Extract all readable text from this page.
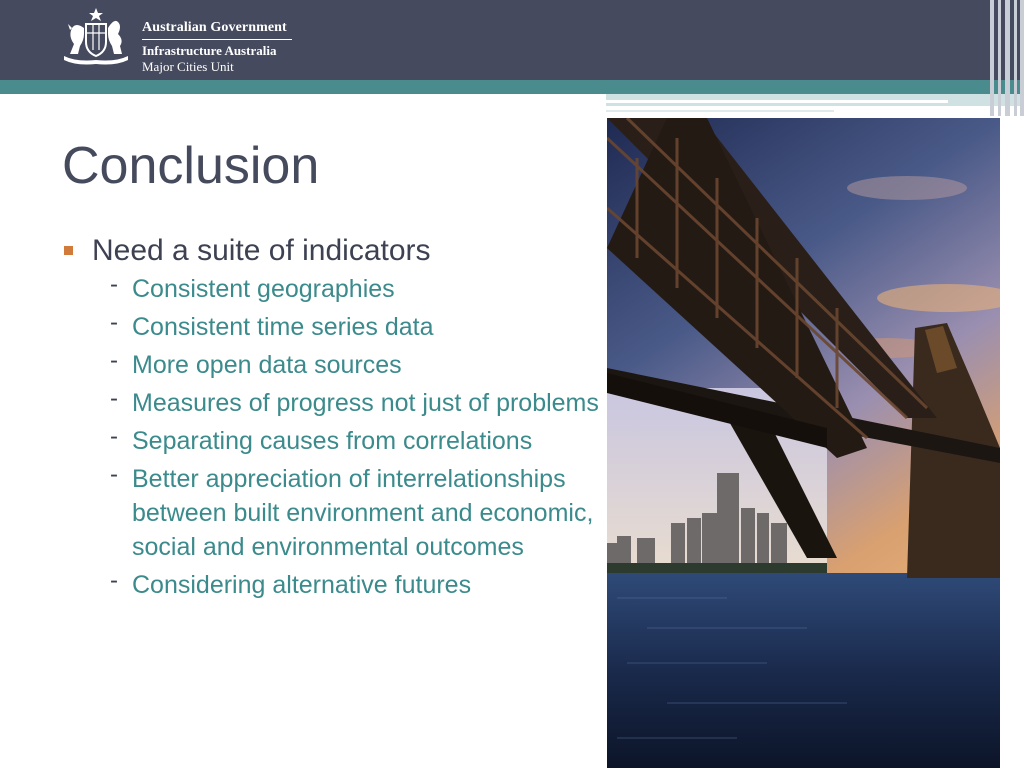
Australian Government
Infrastructure Australia
Major Cities Unit
Conclusion
Need a suite of indicators
- Consistent geographies
- Consistent time series data
- More open data sources
- Measures of progress not just of problems
- Separating causes from correlations
- Better appreciation of interrelationships between built environment and economic, social and environmental outcomes
- Considering alternative futures
